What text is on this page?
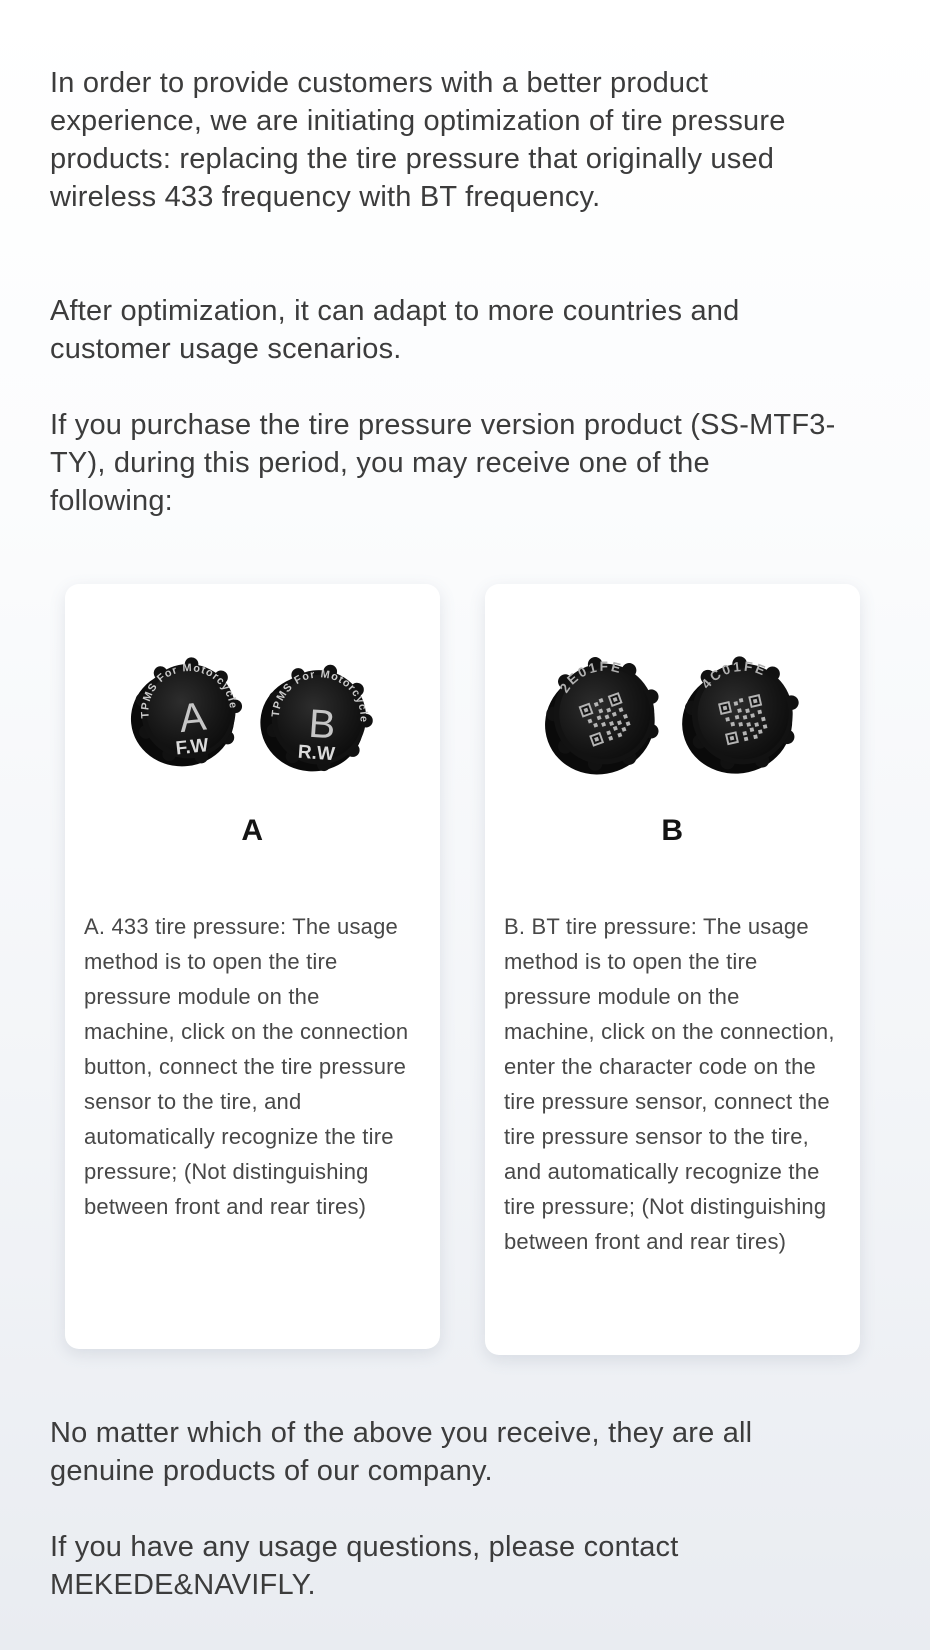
In order to provide customers with a better product experience, we are initiating optimization of tire pressure products: replacing the tire pressure that originally used wireless 433 frequency with BT frequency.

After optimization, it can adapt to more countries and customer usage scenarios.

If you purchase the tire pressure version product (SS-MTF3-TY), during this period, you may receive one of the following:

TPMS For Motorcycle
A
F.W
TPMS For Motorcycle
B
R.W
A
A. 433 tire pressure: The usage method is to open the tire pressure module on the machine, click on the connection button, connect the tire pressure sensor to the tire, and automatically recognize the tire pressure; (Not distinguishing between front and rear tires)
2E01FE
4C01FE
B
B. BT tire pressure: The usage method is to open the tire pressure module on the machine, click on the connection, enter the character code on the tire pressure sensor, connect the tire pressure sensor to the tire, and automatically recognize the tire pressure; (Not distinguishing between front and rear tires)

No matter which of the above you receive, they are all genuine products of our company.

If you have any usage questions, please contact MEKEDE&NAVIFLY.
